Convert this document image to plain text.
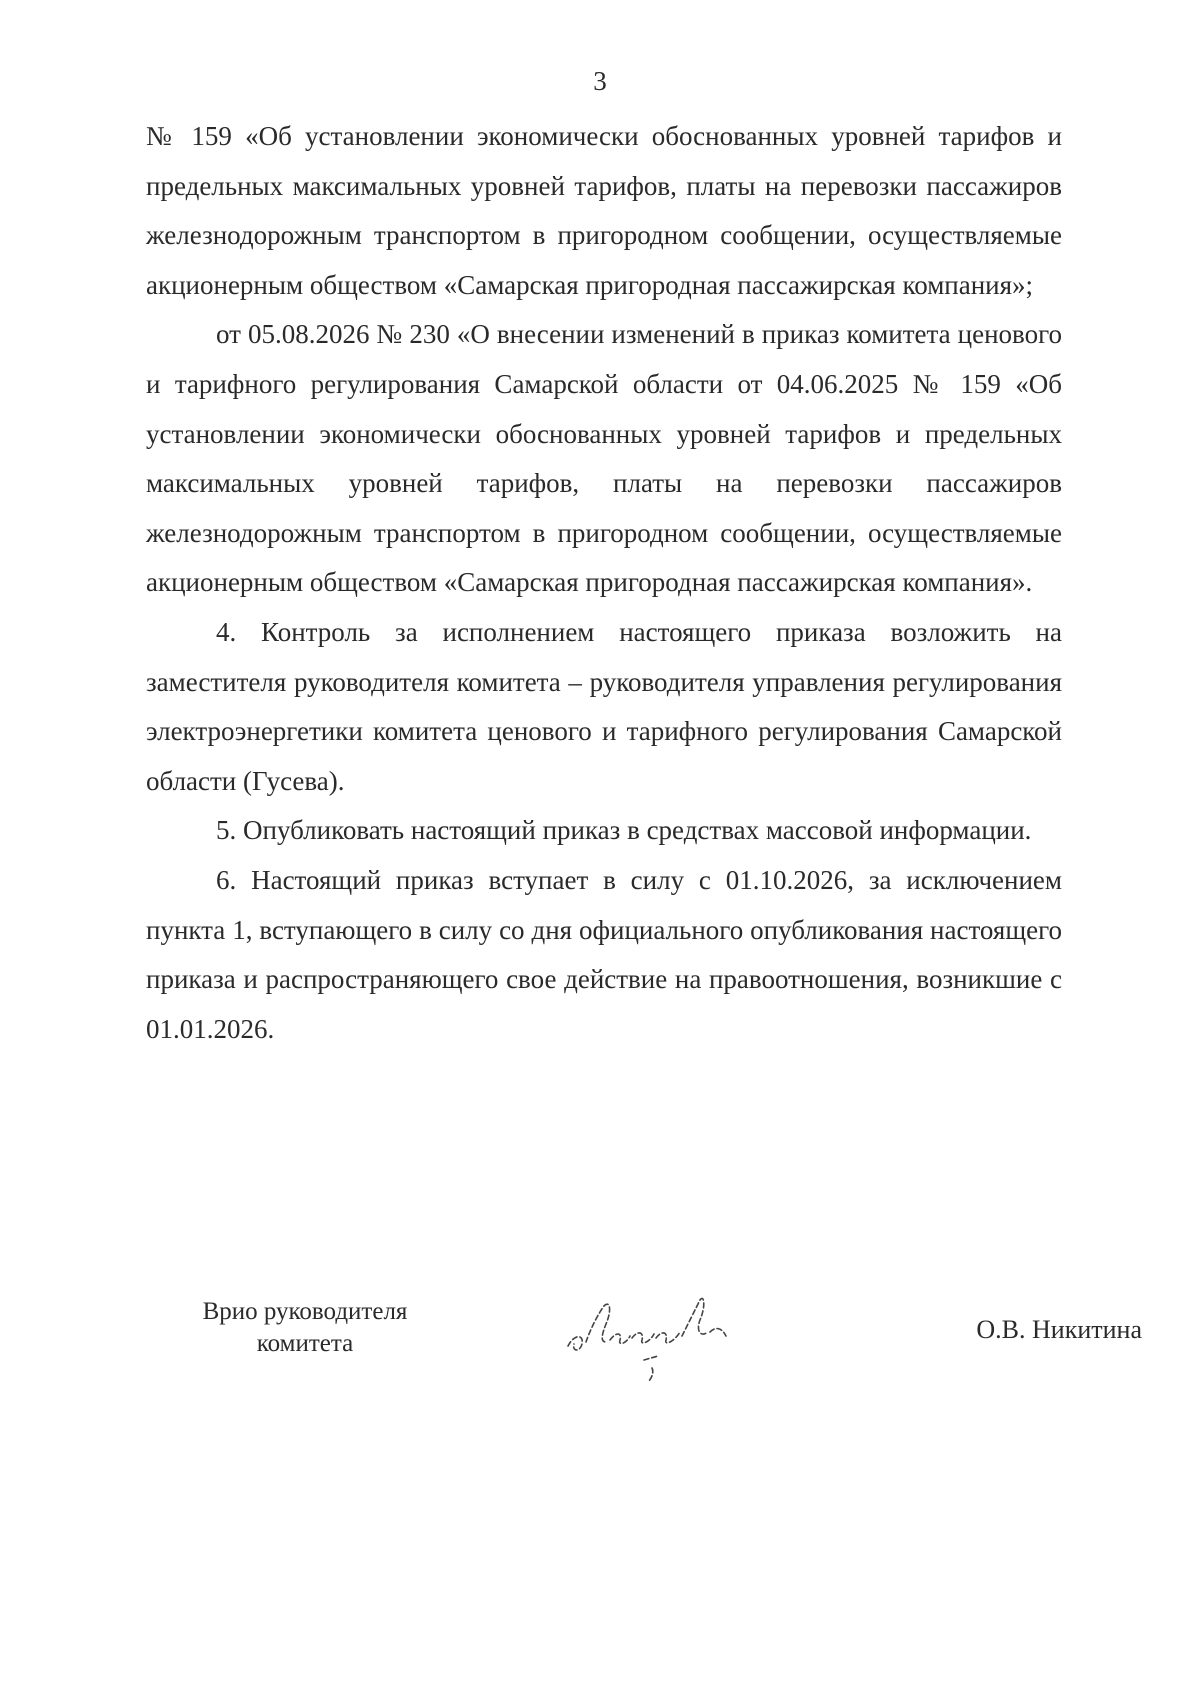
3

№ 159 «Об установлении экономически обоснованных уровней тарифов и предельных максимальных уровней тарифов, платы на перевозки пассажиров железнодорожным транспортом в пригородном сообщении, осуществляемые акционерным обществом «Самарская пригородная пассажирская компания»;

от 05.08.2026 № 230 «О внесении изменений в приказ комитета ценового и тарифного регулирования Самарской области от 04.06.2025 № 159 «Об установлении экономически обоснованных уровней тарифов и предельных максимальных уровней тарифов, платы на перевозки пассажиров железнодорожным транспортом в пригородном сообщении, осуществляемые акционерным обществом «Самарская пригородная пассажирская компания».

4. Контроль за исполнением настоящего приказа возложить на заместителя руководителя комитета – руководителя управления регулирования электроэнергетики комитета ценового и тарифного регулирования Самарской области (Гусева).

5. Опубликовать настоящий приказ в средствах массовой информации.

6. Настоящий приказ вступает в силу с 01.10.2026, за исключением пункта 1, вступающего в силу со дня официального опубликования настоящего приказа и распространяющего свое действие на правоотношения, возникшие с 01.01.2026.

Врио руководителя
комитета	О.В. Никитина
